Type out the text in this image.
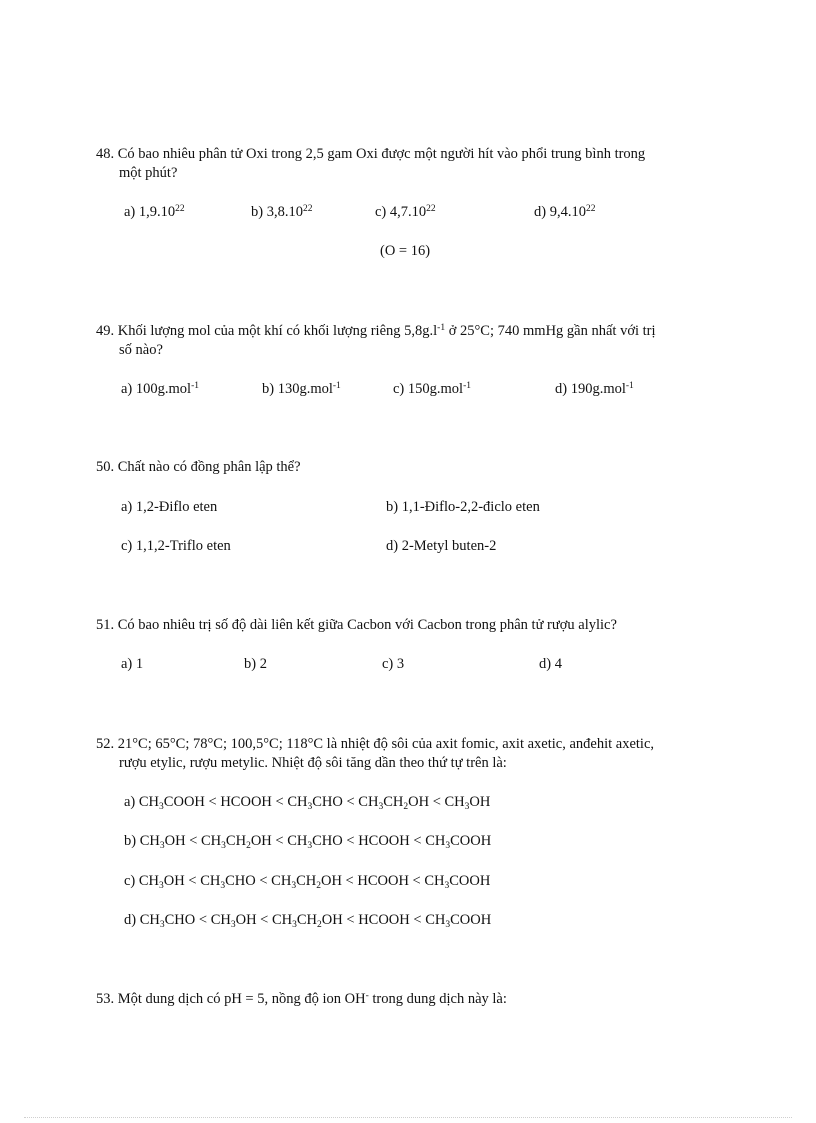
48. Có bao nhiêu phân tử Oxi trong 2,5 gam Oxi được một người hít vào phổi trung bình trong
một phút?
a) 1,9.10$^{22}$	b) 3,8.10$^{22}$	c) 4,7.10$^{22}$	d) 9,4.10$^{22}$
(O = 16)
49. Khối lượng mol của một khí có khối lượng riêng $5,8g.l^{-1}$ ở 25°C; 740 mmHg gần nhất với trị
số nào?
a) 100g.mol$^{-1}$	b) 130g.mol$^{-1}$	c) 150g.mol$^{-1}$	d) 190g.mol$^{-1}$
50. Chất nào có đồng phân lập thể?
a) 1,2-Điflo eten	b) 1,1-Điflo-2,2-điclo eten
c) 1,1,2-Triflo eten	d) 2-Metyl buten-2
51. Có bao nhiêu trị số độ dài liên kết giữa Cacbon với Cacbon trong phân tử rượu alylic?
a) 1	b) 2	c) 3	d) 4
52. 21°C; 65°C; 78°C; 100,5°C; 118°C là nhiệt độ sôi của axit fomic, axit axetic, anđehit axetic,
rượu etylic, rượu metylic. Nhiệt độ sôi tăng dần theo thứ tự trên là:
a) $CH_3COOH$ < HCOOH < $CH_3CHO < CH_3CH_2OH < CH_3OH$
b) $CH_3OH < CH_3CH_2OH < CH_3CHO$ < HCOOH < $CH_3COOH$
c) $CH_3OH < CH_3CHO < CH_3CH_2OH$ < HCOOH < $CH_3COOH$
d) $CH_3CHO < CH_3OH < CH_3CH_2OH$ < HCOOH < $CH_3COOH$
53. Một dung dịch có pH = 5, nồng độ ion OH- trong dung dịch này là:
